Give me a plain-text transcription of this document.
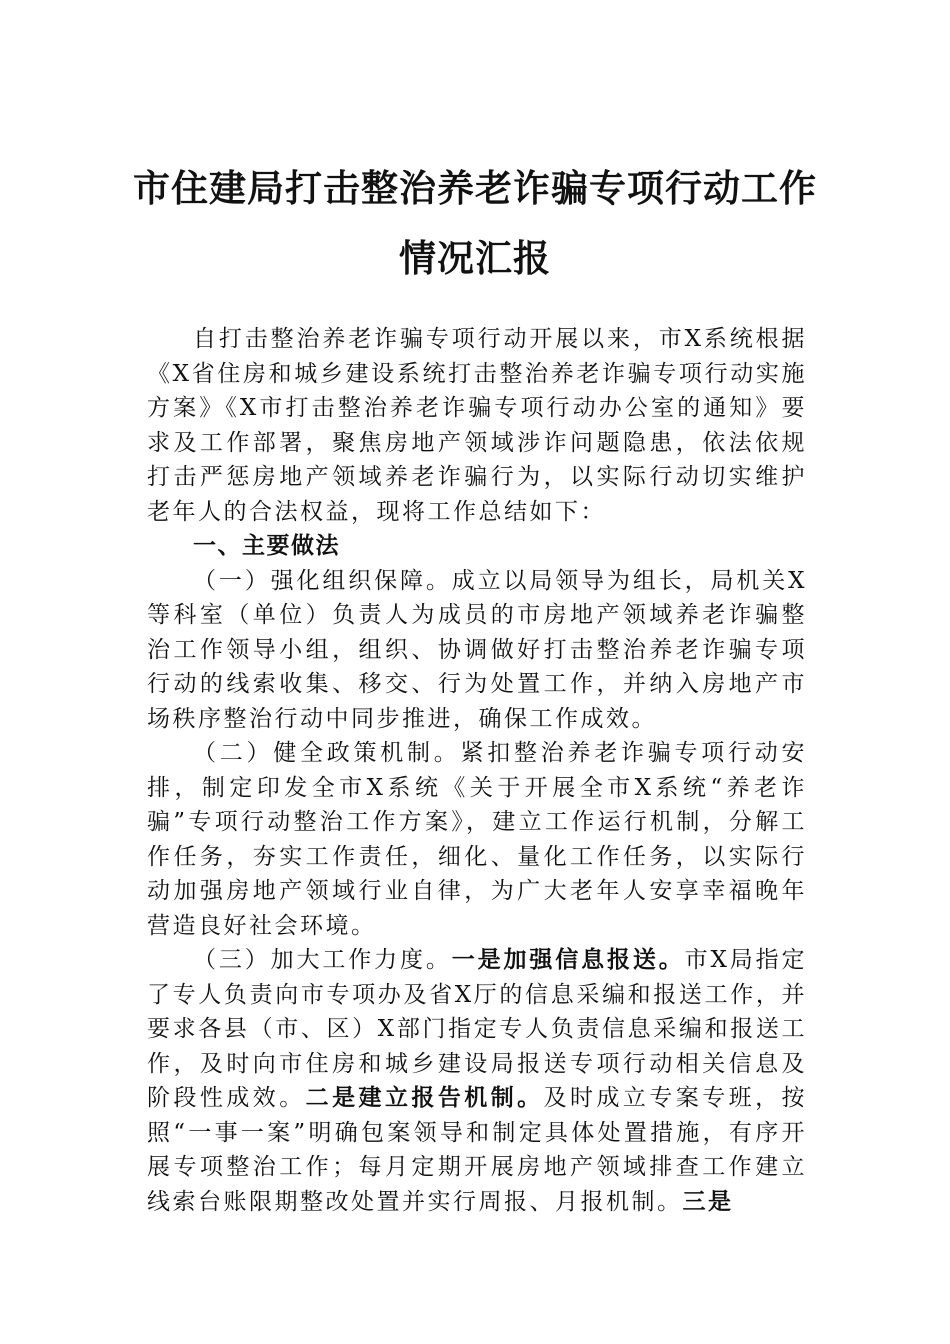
市住建局打击整治养老诈骗专项行动工作
情况汇报

自打击整治养老诈骗专项行动开展以来，市X系统根据《X省住房和城乡建设系统打击整治养老诈骗专项行动实施方案》《X市打击整治养老诈骗专项行动办公室的通知》要求及工作部署，聚焦房地产领域涉诈问题隐患，依法依规打击严惩房地产领域养老诈骗行为，以实际行动切实维护老年人的合法权益，现将工作总结如下：

一、主要做法

（一）强化组织保障。成立以局领导为组长，局机关X等科室（单位）负责人为成员的市房地产领域养老诈骗整治工作领导小组，组织、协调做好打击整治养老诈骗专项行动的线索收集、移交、行为处置工作，并纳入房地产市场秩序整治行动中同步推进，确保工作成效。

（二）健全政策机制。紧扣整治养老诈骗专项行动安排，制定印发全市X系统《关于开展全市X系统“养老诈骗”专项行动整治工作方案》，建立工作运行机制，分解工作任务，夯实工作责任，细化、量化工作任务，以实际行动加强房地产领域行业自律，为广大老年人安享幸福晚年营造良好社会环境。

（三）加大工作力度。一是加强信息报送。市X局指定了专人负责向市专项办及省X厅的信息采编和报送工作，并要求各县（市、区）X部门指定专人负责信息采编和报送工作，及时向市住房和城乡建设局报送专项行动相关信息及阶段性成效。二是建立报告机制。及时成立专案专班，按照“一事一案”明确包案领导和制定具体处置措施，有序开展专项整治工作；每月定期开展房地产领域排查工作建立线索台账限期整改处置并实行周报、月报机制。三是
